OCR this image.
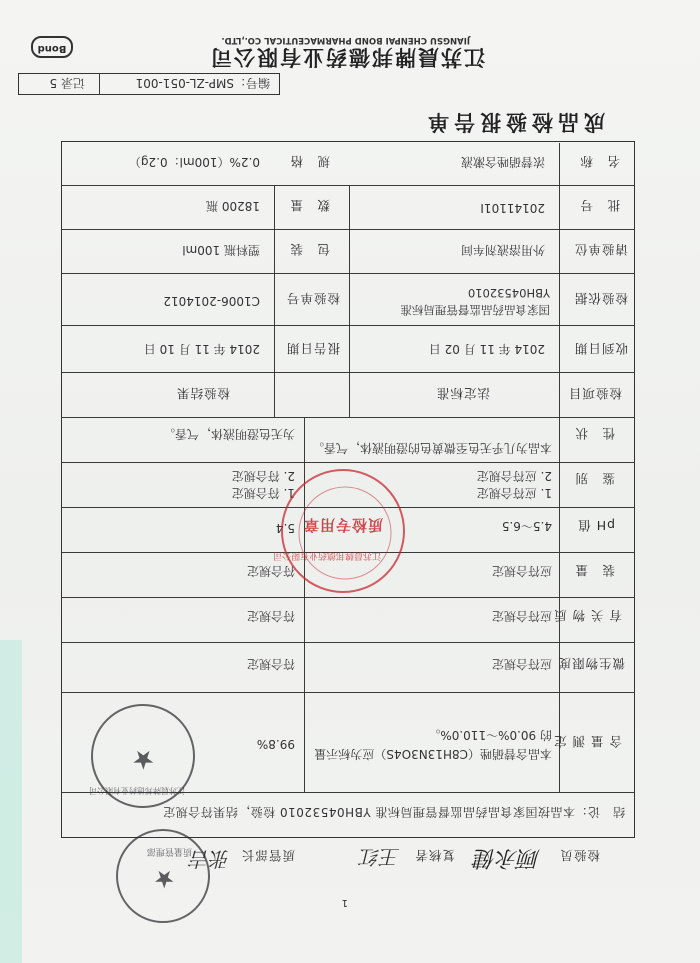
Bond	江苏晨牌邦德药业有限公司
JIANGSU CHENPAI BOND PHARMACEUTICAL CO.,LTD.
编号：SMP-ZL-051-001
记录 5
成品检验报告单
名　称
浓替硝唑含漱液
规　格
0.2%（100ml：0.2g）
批　号
20141101I
数　量
18200 瓶
请验单位
外用溶液剂车间
包　装
塑料瓶 100ml
检验依据
国家食品药品监督管理局标准 YBH04532010
检验单号
C1006-2014012
收到日期
2014 年 11 月 02 日
报告日期
2014 年 11 月 10 日
检验项目
法定标准
检验结果
性　状
本品为几乎无色至微黄色的澄明液体，气香。
为无色澄明液体，气香。
鉴　别
1. 应符合规定
2. 应符合规定
1. 符合规定
2. 符合规定
pH 值
4.5～6.5
5.4
装　量
应符合规定
符合规定
有 关 物 质
应符合规定
符合规定
微生物限度
应符合规定
符合规定
含 量 测 定
本品含替硝唑（C8H13N3O4S）应为标示量的 90.0%～110.0%。
99.8%
结　论：本品按国家食品药品监督管理局标准 YBH04532010 检验，结果符合规定
检验员
顾永健
复核者
王红
质管部长
张吉
1
江苏晨牌邦德药业有限公司
质检专用章
★
江苏晨牌邦德药业有限公司
★
质量管理部
